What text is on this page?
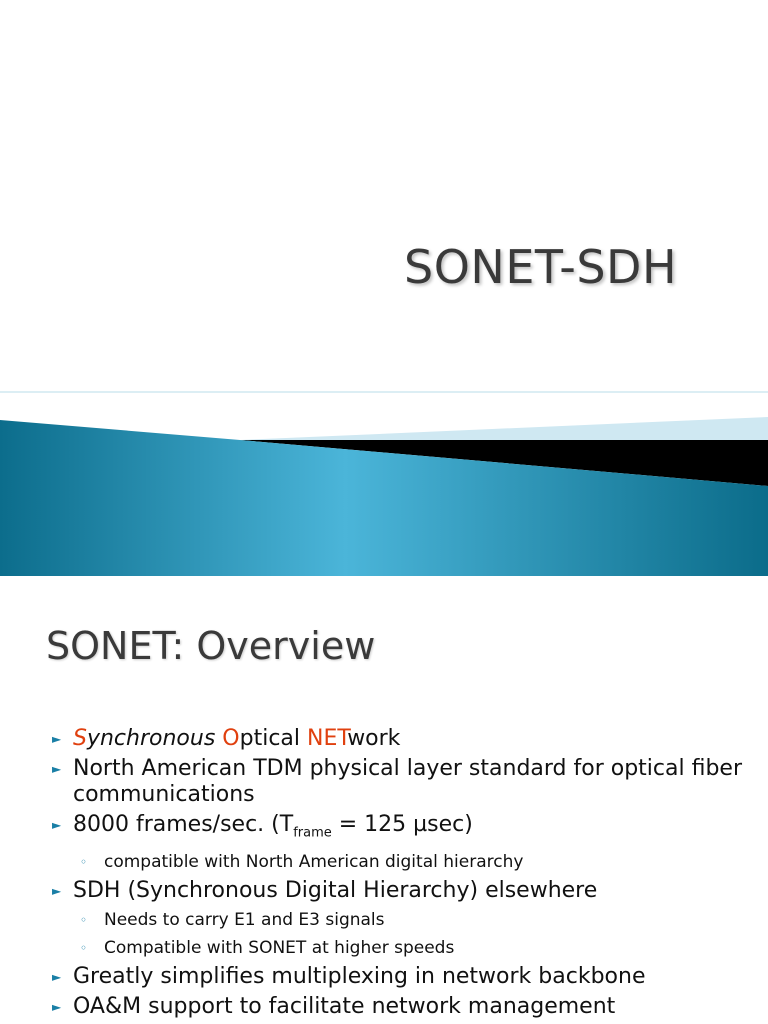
SONET-SDH
SONET: Overview
► Synchronous Optical NETwork
► North American TDM physical layer standard for optical fiber communications
► 8000 frames/sec. ($T_{frame} = 125$ µsec)
◦ compatible with North American digital hierarchy
► SDH (Synchronous Digital Hierarchy) elsewhere
◦ Needs to carry E1 and E3 signals
◦ Compatible with SONET at higher speeds
► Greatly simplifies multiplexing in network backbone
► OA&M support to facilitate network management
